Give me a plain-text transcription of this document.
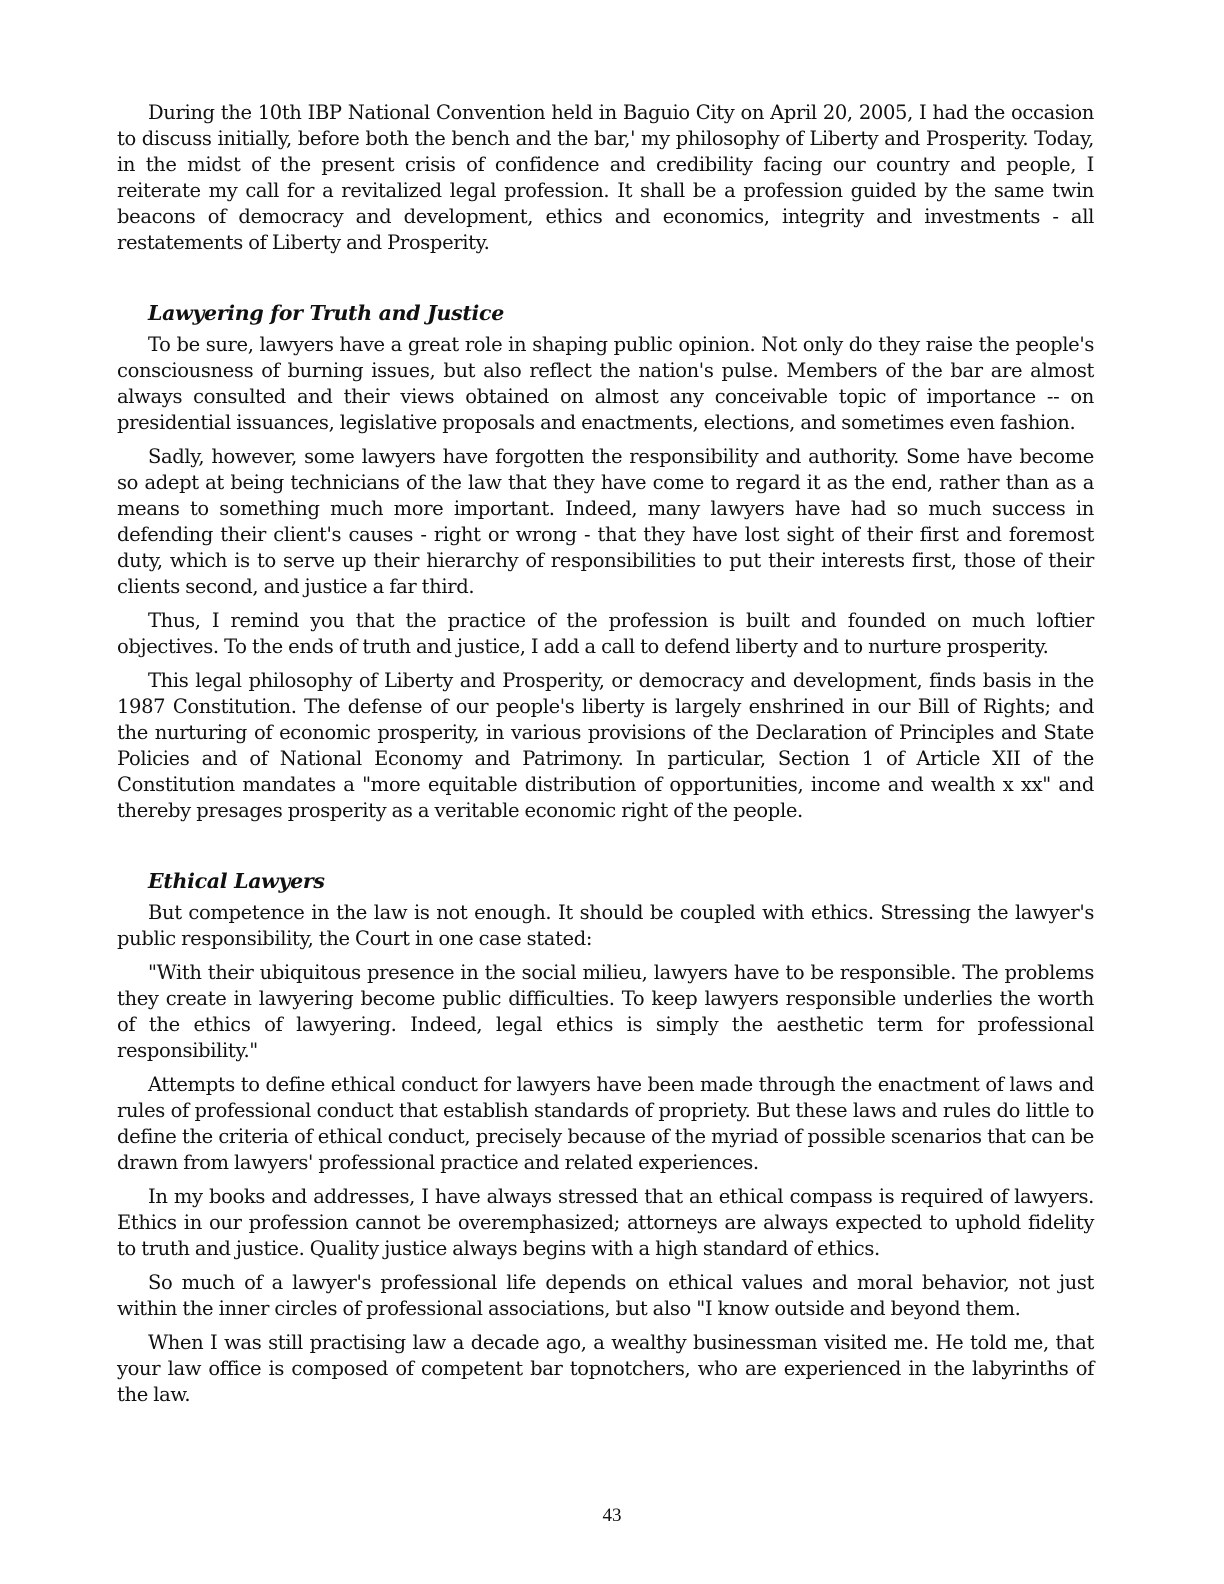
During the 10th IBP National Convention held in Baguio City on April 20, 2005, I had the occasion to discuss initially, before both the bench and the bar,' my philosophy of Liberty and Prosperity. Today, in the midst of the present crisis of confidence and credibility facing our country and people, I reiterate my call for a revitalized legal profession. It shall be a profession guided by the same twin beacons of democracy and development, ethics and economics, integrity and investments - all restatements of Liberty and Prosperity.

Lawyering for Truth and Justice

To be sure, lawyers have a great role in shaping public opinion. Not only do they raise the people's consciousness of burning issues, but also reflect the nation's pulse. Members of the bar are almost always consulted and their views obtained on almost any conceivable topic of importance -- on presidential issuances, legislative proposals and enactments, elections, and sometimes even fashion.

Sadly, however, some lawyers have forgotten the responsibility and authority. Some have become so adept at being technicians of the law that they have come to regard it as the end, rather than as a means to something much more important. Indeed, many lawyers have had so much success in defending their client's causes - right or wrong - that they have lost sight of their first and foremost duty, which is to serve up their hierarchy of responsibilities to put their interests first, those of their clients second, and justice a far third.

Thus, I remind you that the practice of the profession is built and founded on much loftier objectives. To the ends of truth and justice, I add a call to defend liberty and to nurture prosperity.

This legal philosophy of Liberty and Prosperity, or democracy and development, finds basis in the 1987 Constitution. The defense of our people's liberty is largely enshrined in our Bill of Rights; and the nurturing of economic prosperity, in various provisions of the Declaration of Principles and State Policies and of National Economy and Patrimony. In particular, Section 1 of Article XII of the Constitution mandates a "more equitable distribution of opportunities, income and wealth x xx" and thereby presages prosperity as a veritable economic right of the people.

Ethical Lawyers

But competence in the law is not enough. It should be coupled with ethics. Stressing the lawyer's public responsibility, the Court in one case stated:

"With their ubiquitous presence in the social milieu, lawyers have to be responsible. The problems they create in lawyering become public difficulties. To keep lawyers responsible underlies the worth of the ethics of lawyering. Indeed, legal ethics is simply the aesthetic term for professional responsibility."

Attempts to define ethical conduct for lawyers have been made through the enactment of laws and rules of professional conduct that establish standards of propriety. But these laws and rules do little to define the criteria of ethical conduct, precisely because of the myriad of possible scenarios that can be drawn from lawyers' professional practice and related experiences.

In my books and addresses, I have always stressed that an ethical compass is required of lawyers. Ethics in our profession cannot be overemphasized; attorneys are always expected to uphold fidelity to truth and justice. Quality justice always begins with a high standard of ethics.

So much of a lawyer's professional life depends on ethical values and moral behavior, not just within the inner circles of professional associations, but also "I know outside and beyond them.

When I was still practising law a decade ago, a wealthy businessman visited me. He told me, that your law office is composed of competent bar topnotchers, who are experienced in the labyrinths of the law.

43
